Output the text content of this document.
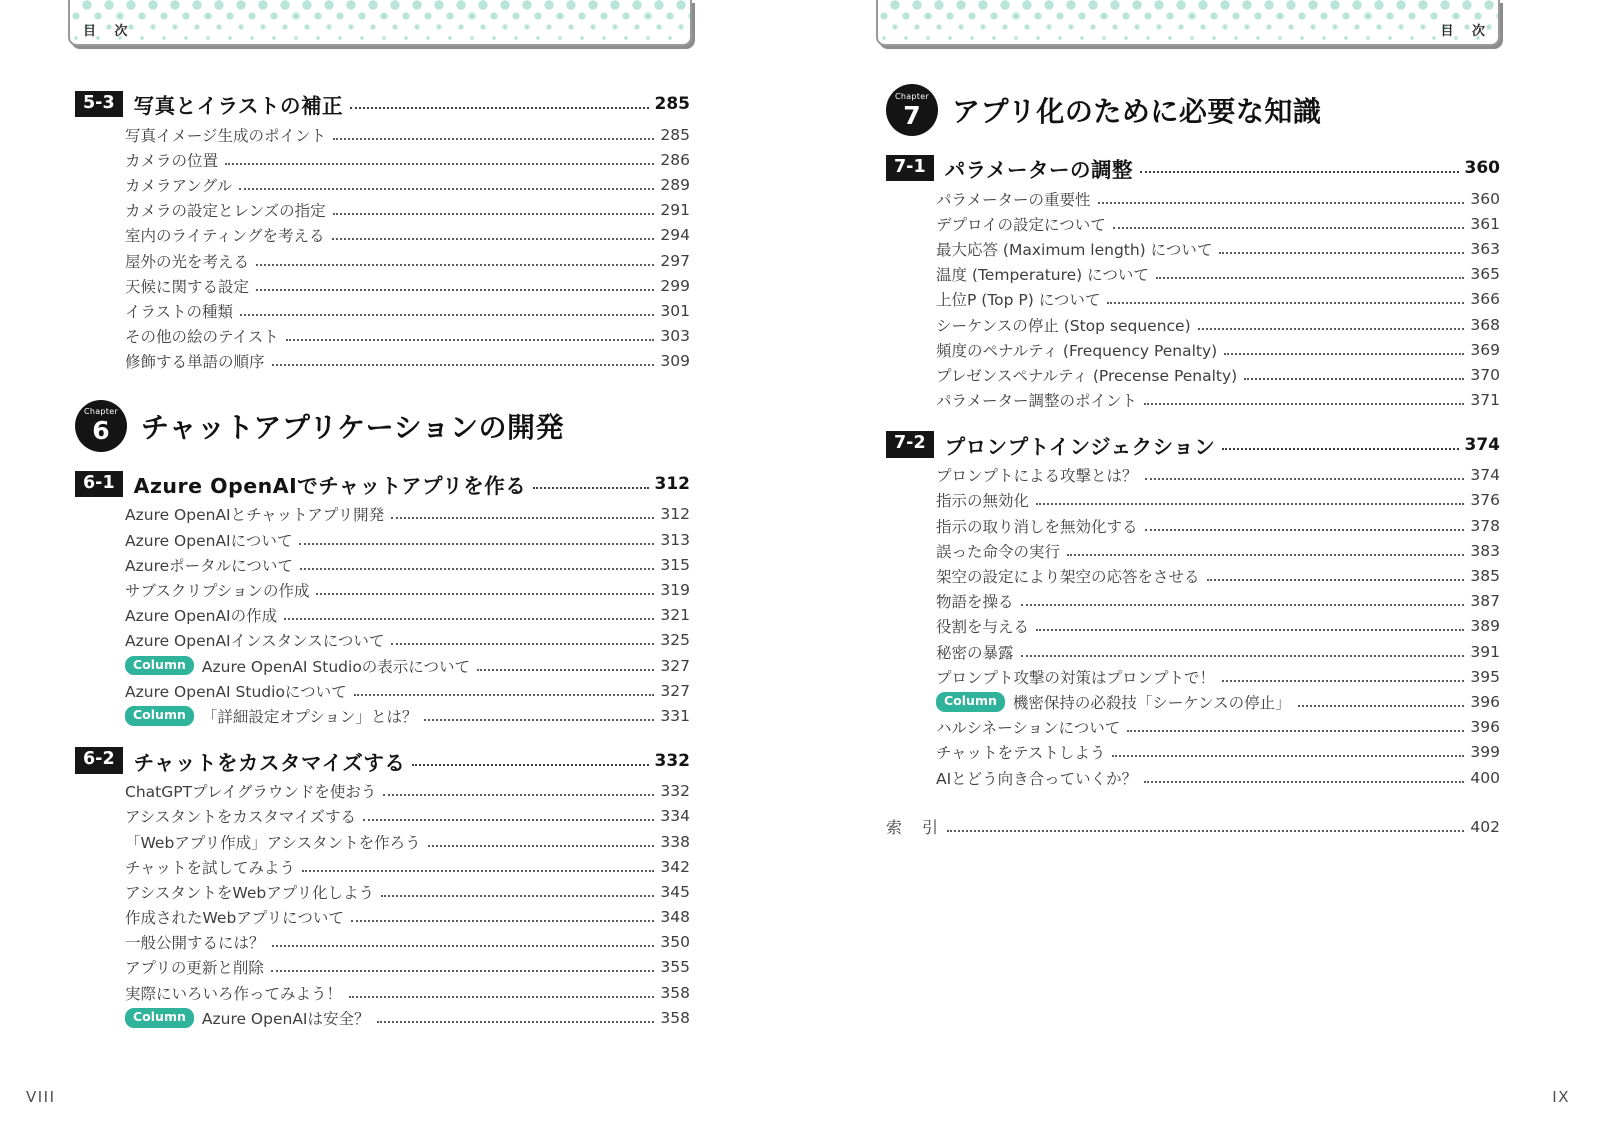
目 次	目 次
5-3 写真とイラストの補正	285
写真イメージ生成のポイント	285
カメラの位置	286
カメラアングル	289
カメラの設定とレンズの指定	291
室内のライティングを考える	294
屋外の光を考える	297
天候に関する設定	299
イラストの種類	301
その他の絵のテイスト	303
修飾する単語の順序	309
Chapter
6 チャットアプリケーションの開発
6-1 Azure OpenAIでチャットアプリを作る	312
Azure OpenAIとチャットアプリ開発	312
Azure OpenAIについて	313
Azureポータルについて	315
サブスクリプションの作成	319
Azure OpenAIの作成	321
Azure OpenAIインスタンスについて	325
Column	Azure OpenAI Studioの表示について	327
Azure OpenAI Studioについて	327
Column	「詳細設定オプション」とは？	331
6-2 チャットをカスタマイズする	332
ChatGPTプレイグラウンドを使おう	332
アシスタントをカスタマイズする	334
「Webアプリ作成」アシスタントを作ろう	338
チャットを試してみよう	342
アシスタントをWebアプリ化しよう	345
作成されたWebアプリについて	348
一般公開するには？	350
アプリの更新と削除	355
実際にいろいろ作ってみよう！	358
Column	Azure OpenAIは安全？	358
Chapter
7 アプリ化のために必要な知識
7-1 パラメーターの調整	360
パラメーターの重要性	360
デプロイの設定について	361
最大応答 (Maximum length) について	363
温度 (Temperature) について	365
上位P (Top P) について	366
シーケンスの停止 (Stop sequence)	368
頻度のペナルティ (Frequency Penalty)	369
プレゼンスペナルティ (Precense Penalty)	370
パラメーター調整のポイント	371
7-2 プロンプトインジェクション	374
プロンプトによる攻撃とは？	374
指示の無効化	376
指示の取り消しを無効化する	378
誤った命令の実行	383
架空の設定により架空の応答をさせる	385
物語を操る	387
役割を与える	389
秘密の暴露	391
プロンプト攻撃の対策はプロンプトで！	395
Column	機密保持の必殺技「シーケンスの停止」	396
ハルシネーションについて	396
チャットをテストしよう	399
AIとどう向き合っていくか？	400
索　引	402
VIII	IX
